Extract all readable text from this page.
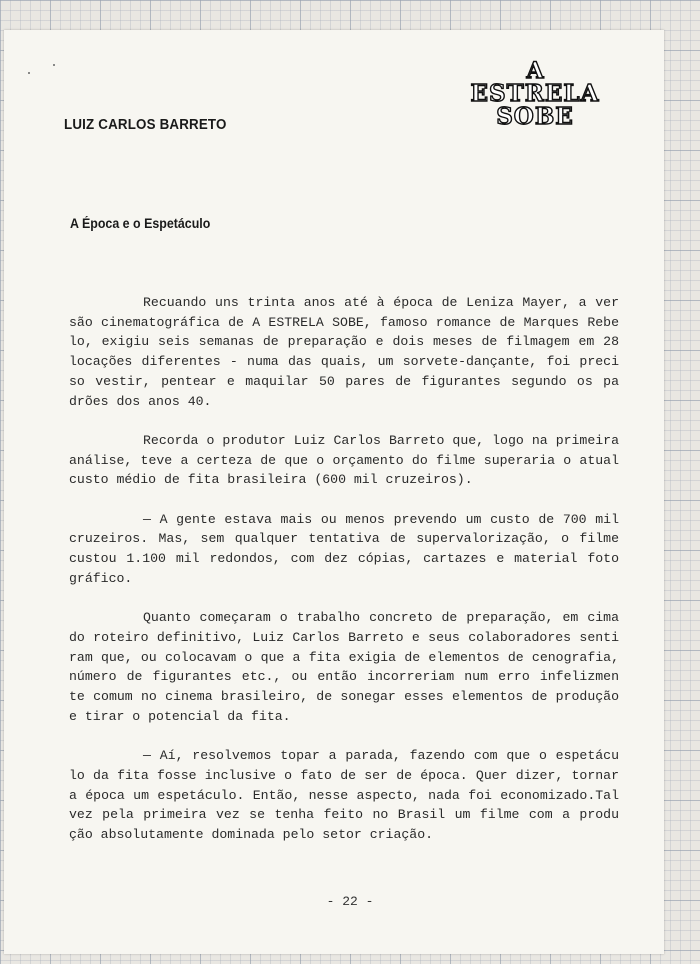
LUIZ CARLOS BARRETO
A
ESTRELA
SOBE
A Época e o Espetáculo
Recuando uns trinta anos até à época de Leniza Mayer, a ver
são cinematográfica de A ESTRELA SOBE, famoso romance de Marques Rebe
lo, exigiu seis semanas de preparação e dois meses de filmagem em 28
locações diferentes - numa das quais, um sorvete-dançante, foi preci
so vestir, pentear e maquilar 50 pares de figurantes segundo os pa
drões dos anos 40.
Recorda o produtor Luiz Carlos Barreto que, logo na primeira
análise, teve a certeza de que o orçamento do filme superaria o atual
custo médio de fita brasileira (600 mil cruzeiros).
— A gente estava mais ou menos prevendo um custo de 700 mil
cruzeiros. Mas, sem qualquer tentativa de supervalorização, o filme
custou 1.100 mil redondos, com dez cópias, cartazes e material foto
gráfico.
Quanto começaram o trabalho concreto de preparação, em cima
do roteiro definitivo, Luiz Carlos Barreto e seus colaboradores senti
ram que, ou colocavam o que a fita exigia de elementos de cenografia,
número de figurantes etc., ou então incorreriam num erro infelizmen
te comum no cinema brasileiro, de sonegar esses elementos de produção
e tirar o potencial da fita.
— Aí, resolvemos topar a parada, fazendo com que o espetácu
lo da fita fosse inclusive o fato de ser de época. Quer dizer, tornar
a época um espetáculo. Então, nesse aspecto, nada foi economizado.Tal
vez pela primeira vez se tenha feito no Brasil um filme com a produ
ção absolutamente dominada pelo setor criação.
- 22 -
